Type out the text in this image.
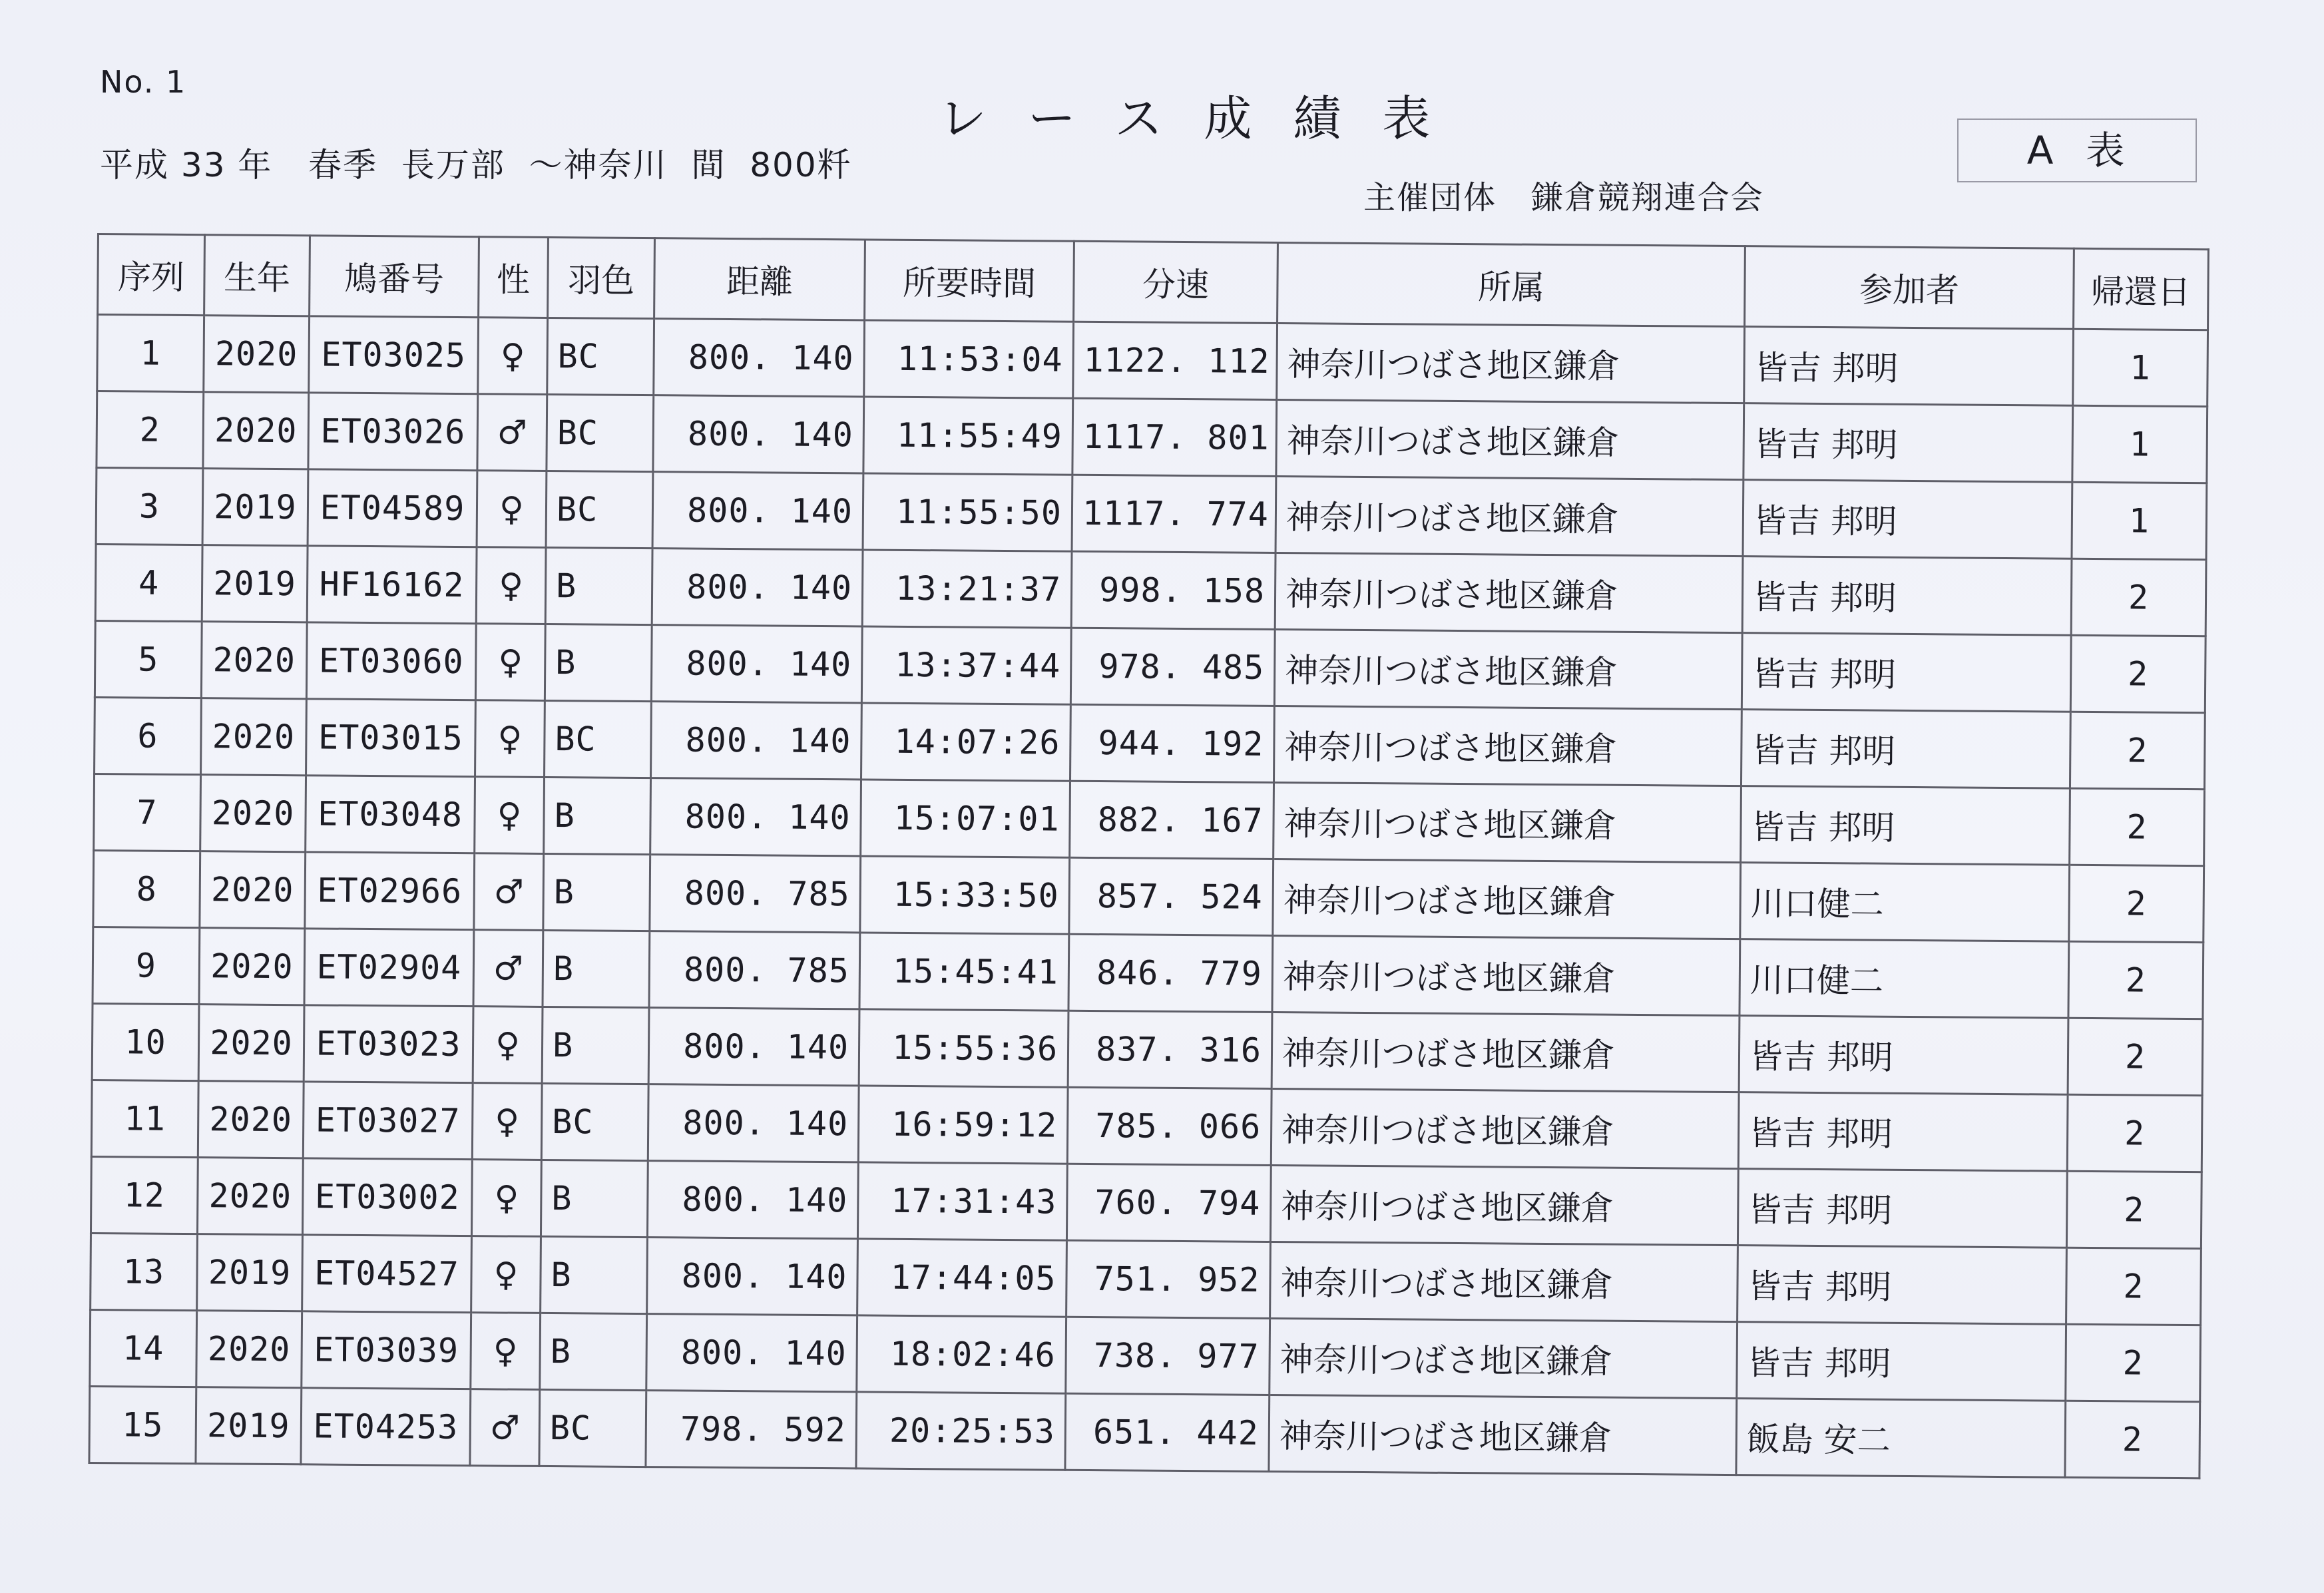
No. 1
レース成績表
平成 33 年   春季  長万部  ～神奈川  間  800粁
主催団体   鎌倉競翔連合会
A  表
序列	生年	鳩番号	性	羽色	距離	所要時間	分速	所属	参加者	帰還日
1	2020	ET03025	♀	BC	800. 140	11:53:04	1122. 112	神奈川つばさ地区鎌倉	皆吉 邦明	1
2	2020	ET03026	♂	BC	800. 140	11:55:49	1117. 801	神奈川つばさ地区鎌倉	皆吉 邦明	1
3	2019	ET04589	♀	BC	800. 140	11:55:50	1117. 774	神奈川つばさ地区鎌倉	皆吉 邦明	1
4	2019	HF16162	♀	B	800. 140	13:21:37	998. 158	神奈川つばさ地区鎌倉	皆吉 邦明	2
5	2020	ET03060	♀	B	800. 140	13:37:44	978. 485	神奈川つばさ地区鎌倉	皆吉 邦明	2
6	2020	ET03015	♀	BC	800. 140	14:07:26	944. 192	神奈川つばさ地区鎌倉	皆吉 邦明	2
7	2020	ET03048	♀	B	800. 140	15:07:01	882. 167	神奈川つばさ地区鎌倉	皆吉 邦明	2
8	2020	ET02966	♂	B	800. 785	15:33:50	857. 524	神奈川つばさ地区鎌倉	川口健二	2
9	2020	ET02904	♂	B	800. 785	15:45:41	846. 779	神奈川つばさ地区鎌倉	川口健二	2
10	2020	ET03023	♀	B	800. 140	15:55:36	837. 316	神奈川つばさ地区鎌倉	皆吉 邦明	2
11	2020	ET03027	♀	BC	800. 140	16:59:12	785. 066	神奈川つばさ地区鎌倉	皆吉 邦明	2
12	2020	ET03002	♀	B	800. 140	17:31:43	760. 794	神奈川つばさ地区鎌倉	皆吉 邦明	2
13	2019	ET04527	♀	B	800. 140	17:44:05	751. 952	神奈川つばさ地区鎌倉	皆吉 邦明	2
14	2020	ET03039	♀	B	800. 140	18:02:46	738. 977	神奈川つばさ地区鎌倉	皆吉 邦明	2
15	2019	ET04253	♂	BC	798. 592	20:25:53	651. 442	神奈川つばさ地区鎌倉	飯島 安二	2
